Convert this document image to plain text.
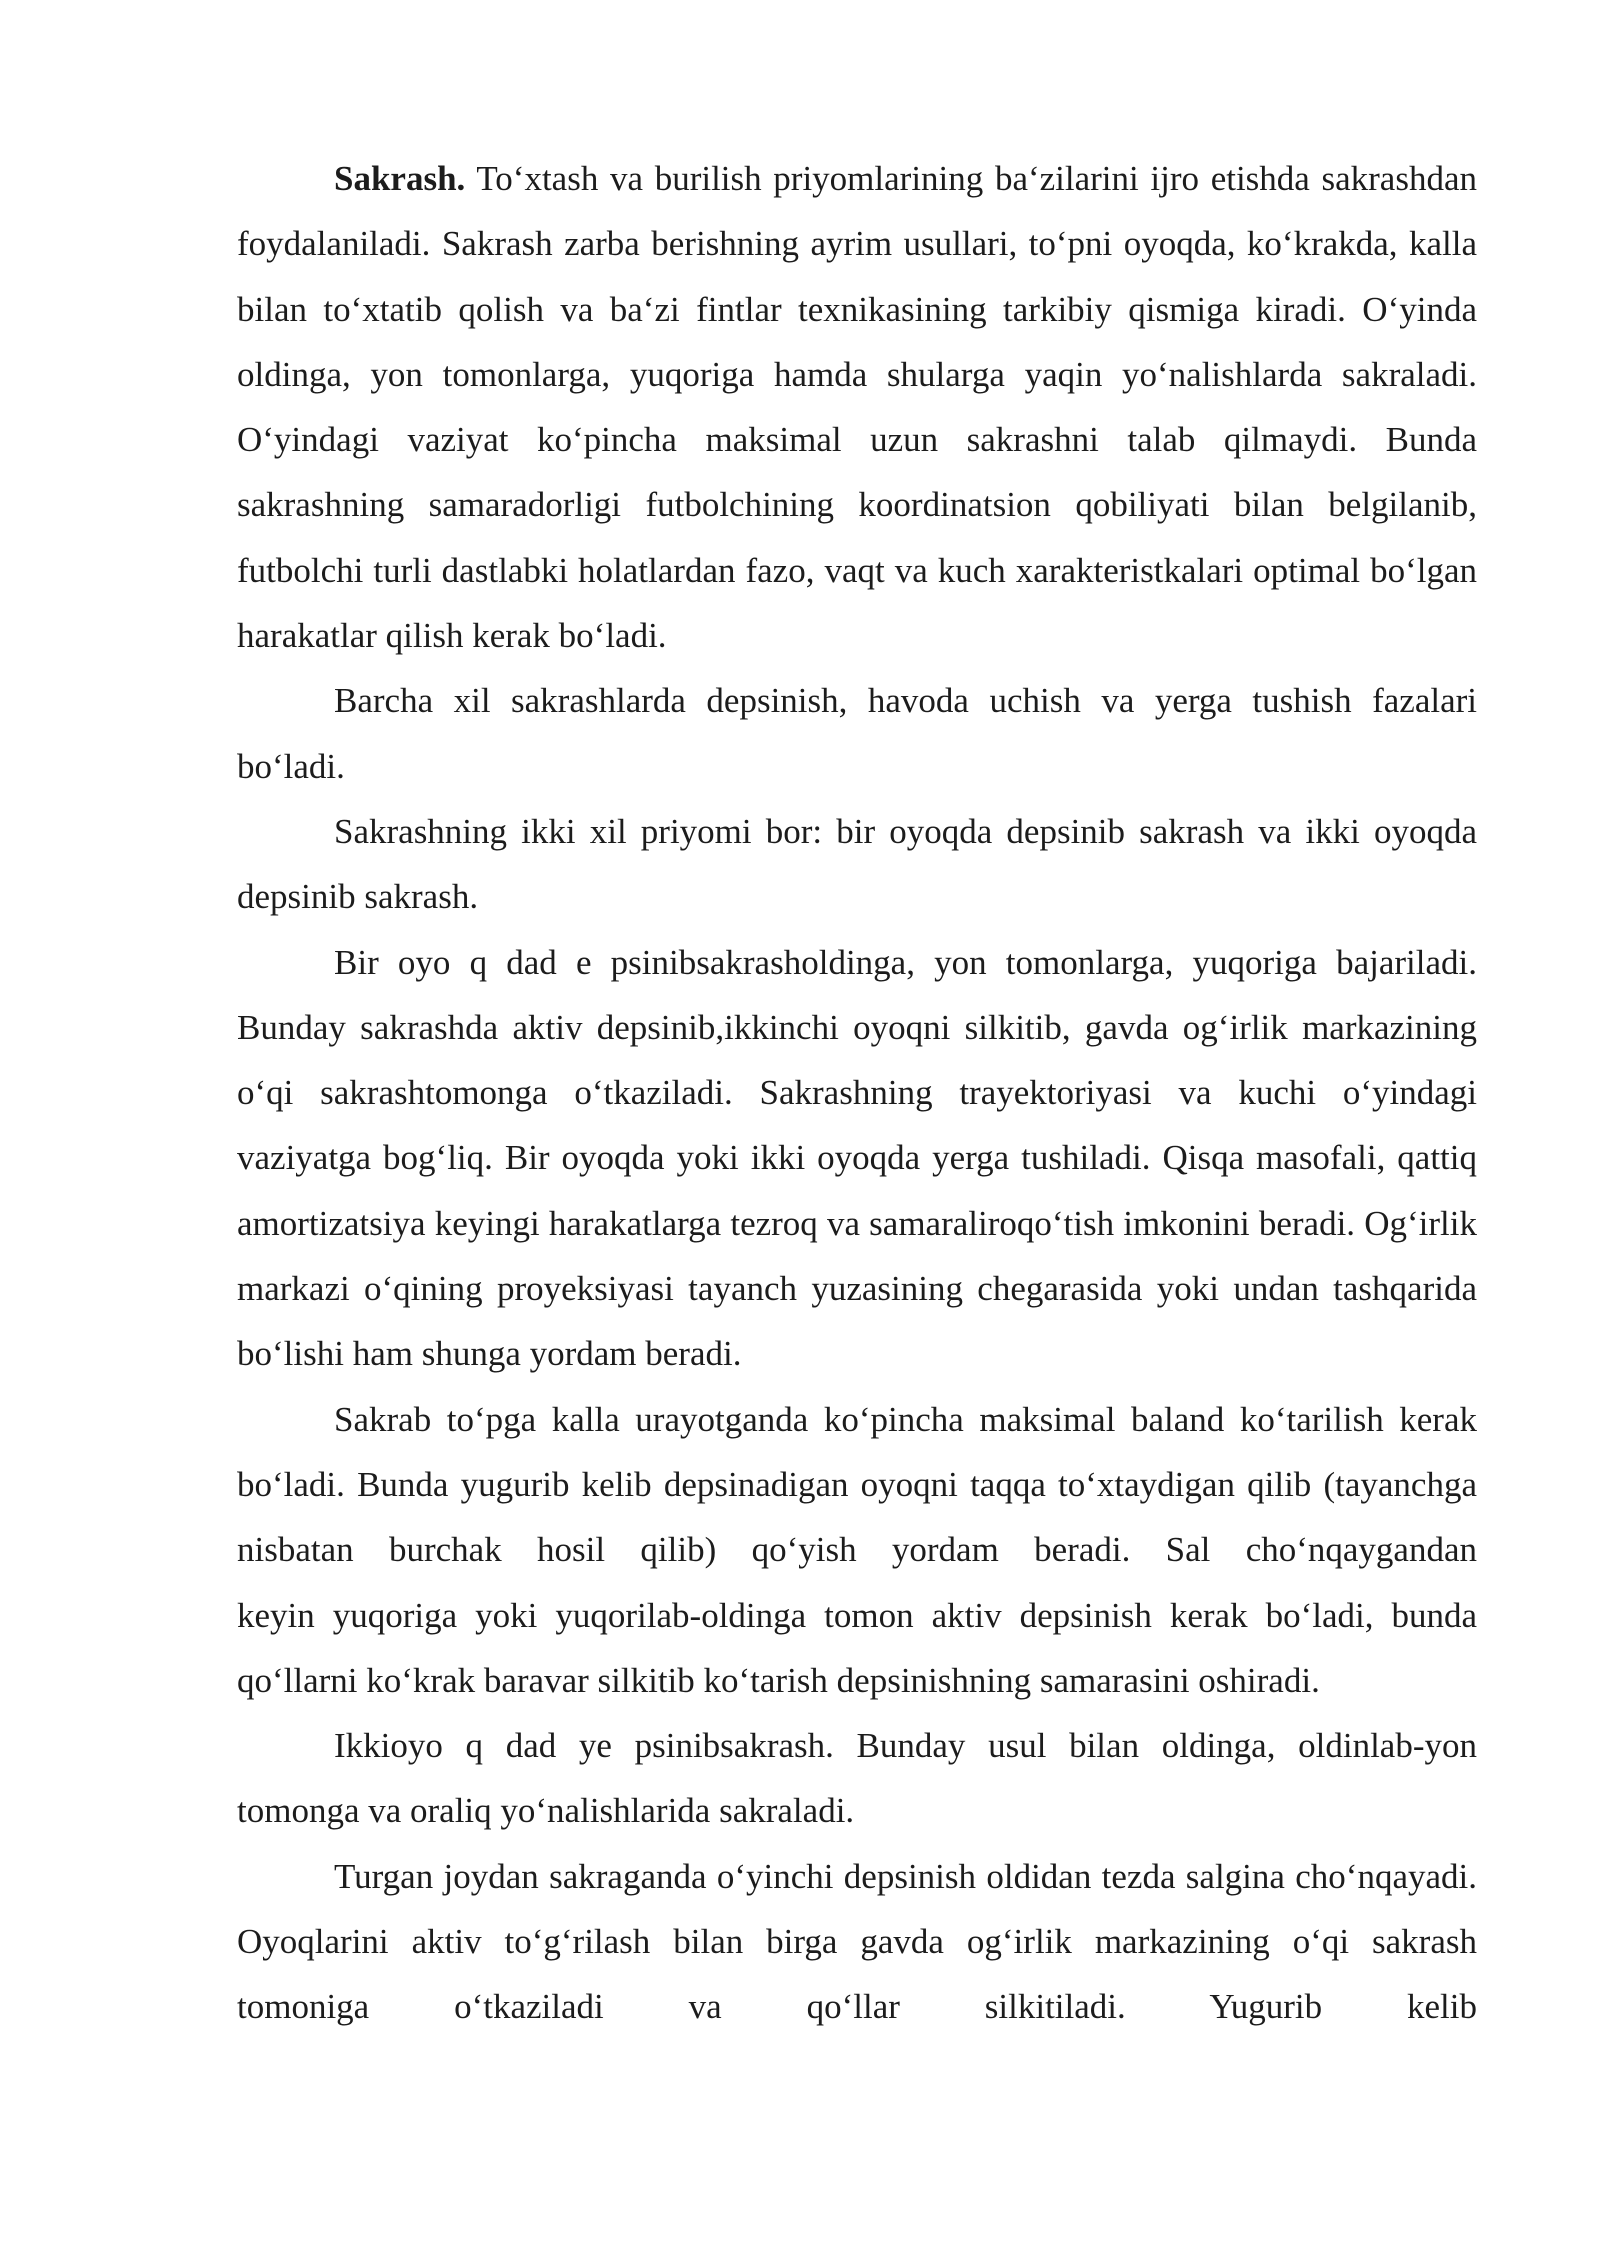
Sakrash. To‘xtash va burilish priyomlarining ba‘zilarini ijro etishda sakrashdan foydalaniladi. Sakrash zarba berishning ayrim usullari, to‘pni oyoqda, ko‘krakda, kalla bilan to‘xtatib qolish va ba‘zi fintlar texnikasining tarkibiy qismiga kiradi. O‘yinda oldinga, yon tomonlarga, yuqoriga hamda shularga yaqin yo‘nalishlarda sakraladi. O‘yindagi vaziyat ko‘pincha maksimal uzun sakrashni talab qilmaydi. Bunda sakrashning samaradorligi futbolchining koordinatsion qobiliyati bilan belgilanib, futbolchi turli dastlabki holatlardan fazo, vaqt va kuch xarakteristkalari optimal bo‘lgan harakatlar qilish kerak bo‘ladi.

Barcha xil sakrashlarda depsinish, havoda uchish va yerga tushish fazalari bo‘ladi.

Sakrashning ikki xil priyomi bor: bir oyoqda depsinib sakrash va ikki oyoqda depsinib sakrash.

Bir oyo q dad e psinibsakrasholdinga, yon tomonlarga, yuqoriga bajariladi. Bunday sakrashda aktiv depsinib,ikkinchi oyoqni silkitib, gavda og‘irlik markazining o‘qi sakrashtomonga o‘tkaziladi. Sakrashning trayektoriyasi va kuchi o‘yindagi vaziyatga bog‘liq. Bir oyoqda yoki ikki oyoqda yerga tushiladi. Qisqa masofali, qattiq amortizatsiya keyingi harakatlarga tezroq va samaraliroqo‘tish imkonini beradi. Og‘irlik markazi o‘qining proyeksiyasi tayanch yuzasining chegarasida yoki undan tashqarida bo‘lishi ham shunga yordam beradi.

Sakrab to‘pga kalla urayotganda ko‘pincha maksimal baland ko‘tarilish kerak bo‘ladi. Bunda yugurib kelib depsinadigan oyoqni taqqa to‘xtaydigan qilib (tayanchga nisbatan burchak hosil qilib) qo‘yish yordam beradi. Sal cho‘nqaygandan

keyin yuqoriga yoki yuqorilab-oldinga tomon aktiv depsinish kerak bo‘ladi, bunda qo‘llarni ko‘krak baravar silkitib ko‘tarish depsinishning samarasini oshiradi.

Ikkioyo q dad ye psinibsakrash. Bunday usul bilan oldinga, oldinlab-yon tomonga va oraliq yo‘nalishlarida sakraladi.

Turgan joydan sakraganda o‘yinchi depsinish oldidan tezda salgina cho‘nqayadi. Oyoqlarini aktiv to‘g‘rilash bilan birga gavda og‘irlik markazining o‘qi sakrash tomoniga o‘tkaziladi va qo‘llar silkitiladi. Yugurib kelib
